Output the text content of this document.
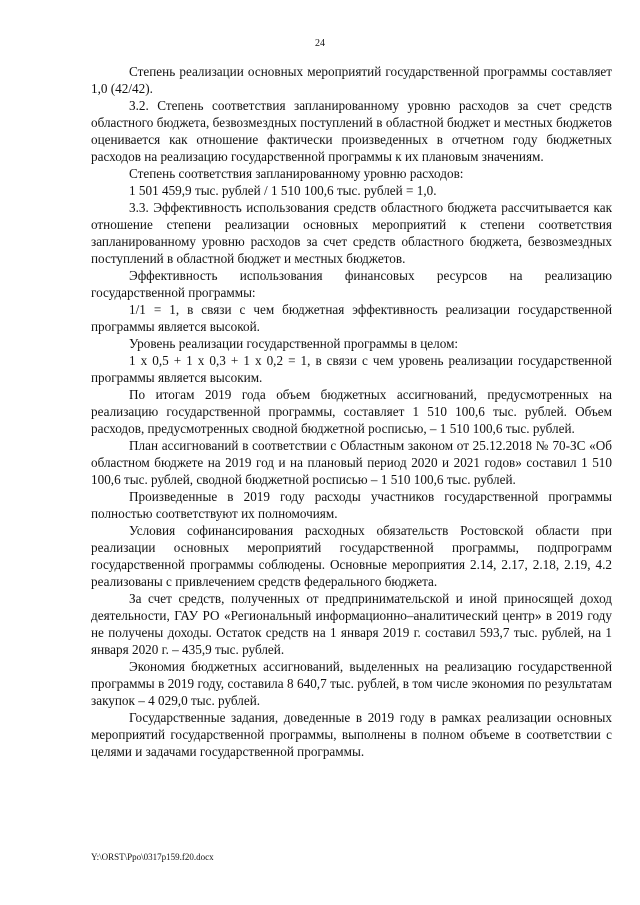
24

Степень реализации основных мероприятий государственной программы составляет 1,0 (42/42).

3.2. Степень соответствия запланированному уровню расходов за счет средств областного бюджета, безвозмездных поступлений в областной бюджет и местных бюджетов оценивается как отношение фактически произведенных в отчетном году бюджетных расходов на реализацию государственной программы к их плановым значениям.

Степень соответствия запланированному уровню расходов:

1 501 459,9 тыс. рублей / 1 510 100,6 тыс. рублей = 1,0.

3.3. Эффективность использования средств областного бюджета рассчитывается как отношение степени реализации основных мероприятий к степени соответствия запланированному уровню расходов за счет средств областного бюджета, безвозмездных поступлений в областной бюджет и местных бюджетов.

Эффективность использования финансовых ресурсов на реализацию государственной программы:

1/1 = 1, в связи с чем бюджетная эффективность реализации государственной программы является высокой.

Уровень реализации государственной программы в целом:

1 x 0,5 + 1 x 0,3 + 1 x 0,2 = 1, в связи с чем уровень реализации государственной программы является высоким.

По итогам 2019 года объем бюджетных ассигнований, предусмотренных на реализацию государственной программы, составляет 1 510 100,6 тыс. рублей. Объем расходов, предусмотренных сводной бюджетной росписью, – 1 510 100,6 тыс. рублей.

План ассигнований в соответствии с Областным законом от 25.12.2018 № 70-ЗС «Об областном бюджете на 2019 год и на плановый период 2020 и 2021 годов» составил 1 510 100,6 тыс. рублей, сводной бюджетной росписью – 1 510 100,6 тыс. рублей.

Произведенные в 2019 году расходы участников государственной программы полностью соответствуют их полномочиям.

Условия софинансирования расходных обязательств Ростовской области при реализации основных мероприятий государственной программы, подпрограмм государственной программы соблюдены. Основные мероприятия 2.14, 2.17, 2.18, 2.19, 4.2 реализованы с привлечением средств федерального бюджета.

За счет средств, полученных от предпринимательской и иной приносящей доход деятельности, ГАУ РО «Региональный информационно–аналитический центр» в 2019 году не получены доходы. Остаток средств на 1 января 2019 г. составил 593,7 тыс. рублей, на 1 января 2020 г. – 435,9 тыс. рублей.

Экономия бюджетных ассигнований, выделенных на реализацию государственной программы в 2019 году, составила 8 640,7 тыс. рублей, в том числе экономия по результатам закупок – 4 029,0 тыс. рублей.

Государственные задания, доведенные в 2019 году в рамках реализации основных мероприятий государственной программы, выполнены в полном объеме в соответствии с целями и задачами государственной программы.

Y:\ORST\Ppo\0317p159.f20.docx
